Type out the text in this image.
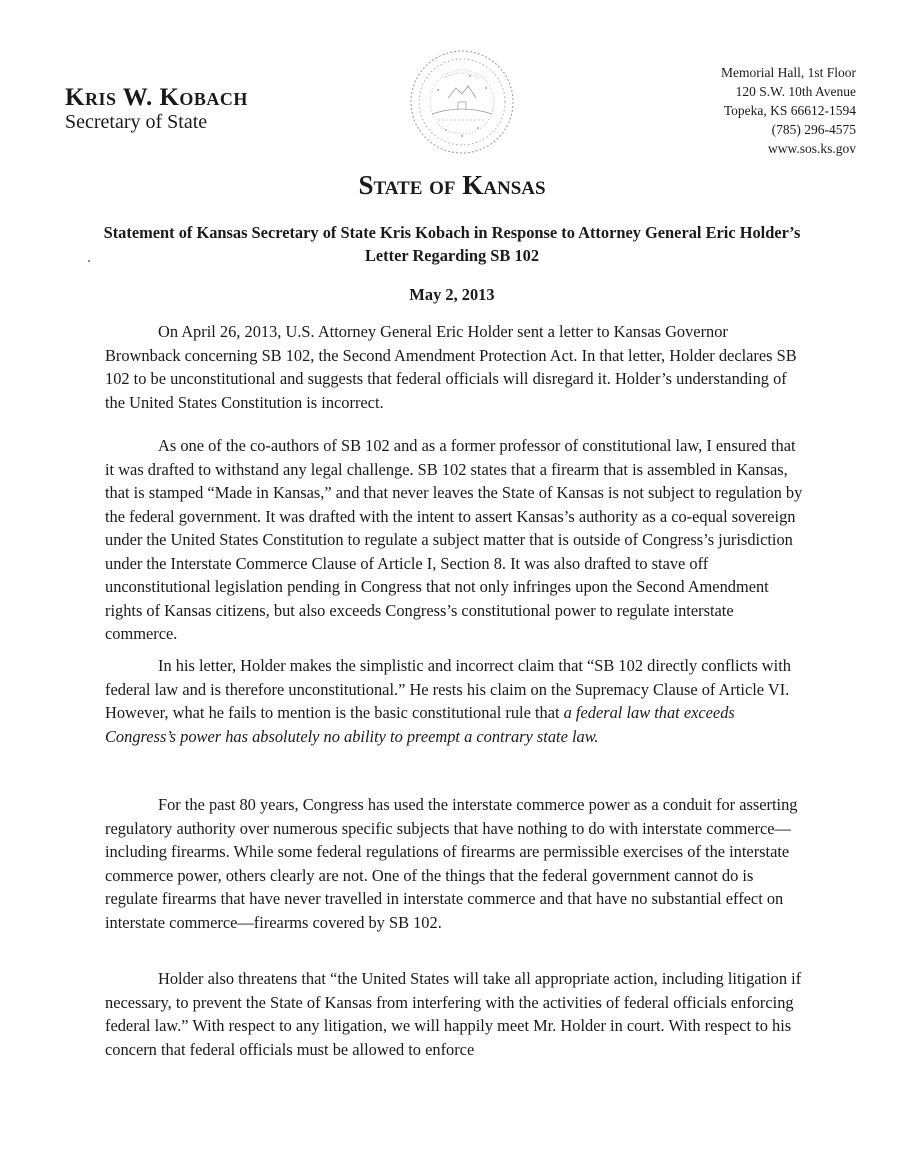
Kris W. Kobach
Secretary of State
Memorial Hall, 1st Floor
120 S.W. 10th Avenue
Topeka, KS 66612-1594
(785) 296-4575
www.sos.ks.gov
State of Kansas
Statement of Kansas Secretary of State Kris Kobach in Response to Attorney General Eric Holder’s Letter Regarding SB 102
May 2, 2013

On April 26, 2013, U.S. Attorney General Eric Holder sent a letter to Kansas Governor Brownback concerning SB 102, the Second Amendment Protection Act. In that letter, Holder declares SB 102 to be unconstitutional and suggests that federal officials will disregard it. Holder’s understanding of the United States Constitution is incorrect.

As one of the co-authors of SB 102 and as a former professor of constitutional law, I ensured that it was drafted to withstand any legal challenge. SB 102 states that a firearm that is assembled in Kansas, that is stamped “Made in Kansas,” and that never leaves the State of Kansas is not subject to regulation by the federal government. It was drafted with the intent to assert Kansas’s authority as a co-equal sovereign under the United States Constitution to regulate a subject matter that is outside of Congress’s jurisdiction under the Interstate Commerce Clause of Article I, Section 8. It was also drafted to stave off unconstitutional legislation pending in Congress that not only infringes upon the Second Amendment rights of Kansas citizens, but also exceeds Congress’s constitutional power to regulate interstate commerce.

In his letter, Holder makes the simplistic and incorrect claim that “SB 102 directly conflicts with federal law and is therefore unconstitutional.” He rests his claim on the Supremacy Clause of Article VI. However, what he fails to mention is the basic constitutional rule that a federal law that exceeds Congress’s power has absolutely no ability to preempt a contrary state law.

For the past 80 years, Congress has used the interstate commerce power as a conduit for asserting regulatory authority over numerous specific subjects that have nothing to do with interstate commerce—including firearms. While some federal regulations of firearms are permissible exercises of the interstate commerce power, others clearly are not. One of the things that the federal government cannot do is regulate firearms that have never travelled in interstate commerce and that have no substantial effect on interstate commerce—firearms covered by SB 102.

Holder also threatens that “the United States will take all appropriate action, including litigation if necessary, to prevent the State of Kansas from interfering with the activities of federal officials enforcing federal law.” With respect to any litigation, we will happily meet Mr. Holder in court. With respect to his concern that federal officials must be allowed to enforce
